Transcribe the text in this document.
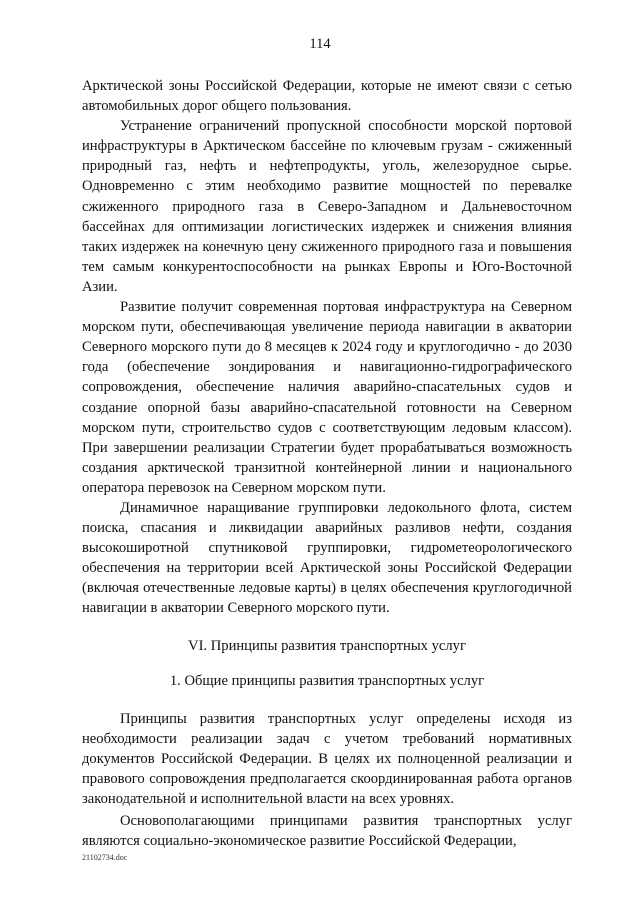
114

Арктической зоны Российской Федерации, которые не имеют связи с сетью автомобильных дорог общего пользования.

Устранение ограничений пропускной способности морской портовой инфраструктуры в Арктическом бассейне по ключевым грузам - сжиженный природный газ, нефть и нефтепродукты, уголь, железорудное сырье. Одновременно с этим необходимо развитие мощностей по перевалке сжиженного природного газа в Северо-Западном и Дальневосточном бассейнах для оптимизации логистических издержек и снижения влияния таких издержек на конечную цену сжиженного природного газа и повышения тем самым конкурентоспособности на рынках Европы и Юго-Восточной Азии.

Развитие получит современная портовая инфраструктура на Северном морском пути, обеспечивающая увеличение периода навигации в акватории Северного морского пути до 8 месяцев к 2024 году и круглогодично - до 2030 года (обеспечение зондирования и навигационно-гидрографического сопровождения, обеспечение наличия аварийно-спасательных судов и создание опорной базы аварийно-спасательной готовности на Северном морском пути, строительство судов с соответствующим ледовым классом). При завершении реализации Стратегии будет прорабатываться возможность создания арктической транзитной контейнерной линии и национального оператора перевозок на Северном морском пути.

Динамичное наращивание группировки ледокольного флота, систем поиска, спасания и ликвидации аварийных разливов нефти, создания высокоширотной спутниковой группировки, гидрометеорологического обеспечения на территории всей Арктической зоны Российской Федерации (включая отечественные ледовые карты) в целях обеспечения круглогодичной навигации в акватории Северного морского пути.

VI. Принципы развития транспортных услуг

1. Общие принципы развития транспортных услуг

Принципы развития транспортных услуг определены исходя из необходимости реализации задач с учетом требований нормативных документов Российской Федерации. В целях их полноценной реализации и правового сопровождения предполагается скоординированная работа органов законодательной и исполнительной власти на всех уровнях.

Основополагающими принципами развития транспортных услуг являются социально-экономическое развитие Российской Федерации,

21102734.doc
